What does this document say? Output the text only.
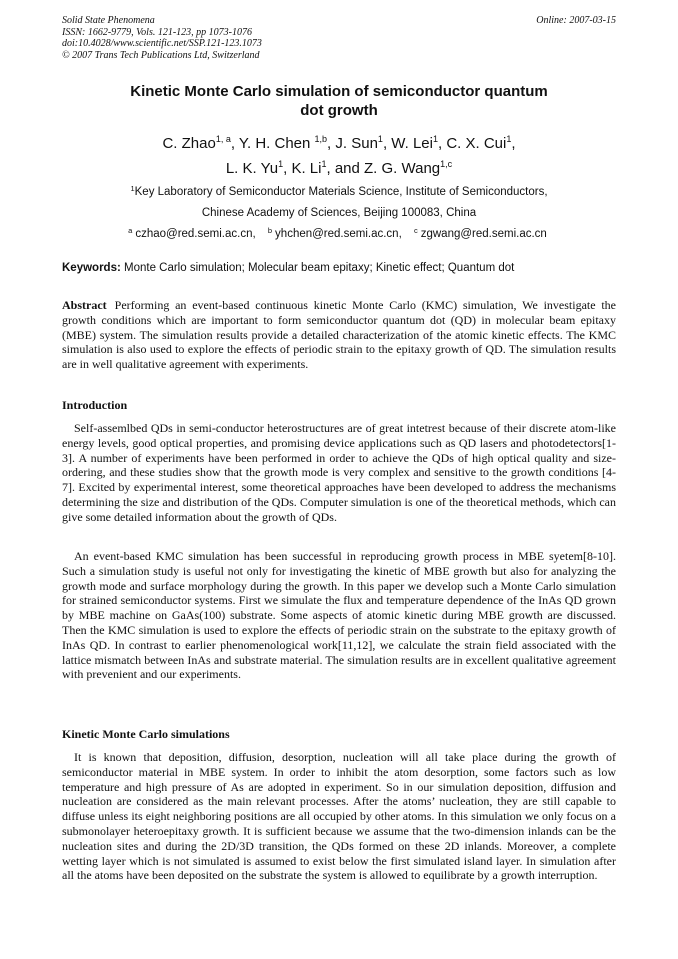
Solid State Phenomena
ISSN: 1662-9779, Vols. 121-123, pp 1073-1076
doi:10.4028/www.scientific.net/SSP.121-123.1073
© 2007 Trans Tech Publications Ltd, Switzerland
Online: 2007-03-15
Kinetic Monte Carlo simulation of semiconductor quantum
dot growth
C. Zhao$^{1, a}$, Y. H. Chen $^{1,b}$, J. Sun$^1$, W. Lei$^1$, C. X. Cui$^1$,
L. K. Yu$^1$, K. Li$^1$, and Z. G. Wang$^{1,c}$
$^1$Key Laboratory of Semiconductor Materials Science, Institute of Semiconductors,
Chinese Academy of Sciences, Beijing 100083, China
$^a$ czhao@red.semi.ac.cn, $^b$ yhchen@red.semi.ac.cn, $^c$ zgwang@red.semi.ac.cn
Keywords: Monte Carlo simulation; Molecular beam epitaxy; Kinetic effect; Quantum dot
Abstract Performing an event-based continuous kinetic Monte Carlo (KMC) simulation, We investigate the growth conditions which are important to form semiconductor quantum dot (QD) in molecular beam epitaxy (MBE) system. The simulation results provide a detailed characterization of the atomic kinetic effects. The KMC simulation is also used to explore the effects of periodic strain to the epitaxy growth of QD. The simulation results are in well qualitative agreement with experiments.
Introduction
Self-assemlbed QDs in semi-conductor heterostructures are of great intetrest because of their discrete atom-like energy levels, good optical properties, and promising device applications such as QD lasers and photodetectors[1-3]. A number of experiments have been performed in order to achieve the QDs of high optical quality and size-ordering, and these studies show that the growth mode is very complex and sensitive to the growth conditions [4-7]. Excited by experimental interest, some theoretical approaches have been developed to address the mechanisms determining the size and distribution of the QDs. Computer simulation is one of the theoretical methods, which can give some detailed information about the growth of QDs.
An event-based KMC simulation has been successful in reproducing growth process in MBE syetem[8-10]. Such a simulation study is useful not only for investigating the kinetic of MBE growth but also for analyzing the growth mode and surface morphology during the growth. In this paper we develop such a Monte Carlo simulation for strained semiconductor systems. First we simulate the flux and temperature dependence of the InAs QD grown by MBE machine on GaAs(100) substrate. Some aspects of atomic kinetic during MBE growth are discussed. Then the KMC simulation is used to explore the effects of periodic strain on the substrate to the epitaxy growth of InAs QD. In contrast to earlier phenomenological work[11,12], we calculate the strain field associated with the lattice mismatch between InAs and substrate material. The simulation results are in excellent qualitative agreement with prevenient and our experiments.
Kinetic Monte Carlo simulations
It is known that deposition, diffusion, desorption, nucleation will all take place during the growth of semiconductor material in MBE system. In order to inhibit the atom desorption, some factors such as low temperature and high pressure of As are adopted in experiment. So in our simulation deposition, diffusion and nucleation are considered as the main relevant processes. After the atoms’ nucleation, they are still capable to diffuse unless its eight neighboring positions are all occupied by other atoms. In this simulation we only focus on a submonolayer heteroepitaxy growth. It is sufficient because we assume that the two-dimension inlands can be the nucleation sites and during the 2D/3D transition, the QDs formed on these 2D inlands. Moreover, a complete wetting layer which is not simulated is assumed to exist below the first simulated island layer. In simulation after all the atoms have been deposited on the substrate the system is allowed to equilibrate by a growth interruption.
